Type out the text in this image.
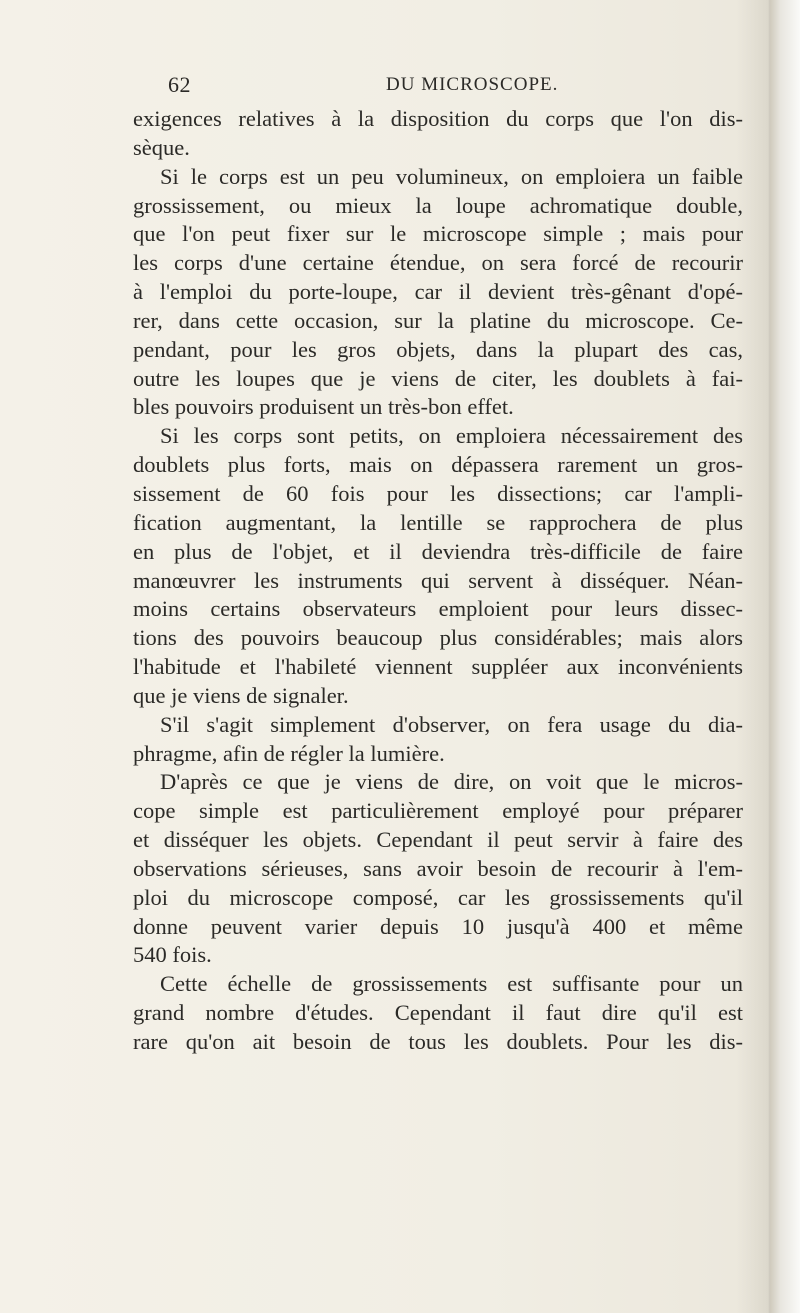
62	DU MICROSCOPE.
exigences relatives à la disposition du corps que l'on dis-
sèque.
Si le corps est un peu volumineux, on emploiera un faible
grossissement, ou mieux la loupe achromatique double,
que l'on peut fixer sur le microscope simple ; mais pour
les corps d'une certaine étendue, on sera forcé de recourir
à l'emploi du porte-loupe, car il devient très-gênant d'opé-
rer, dans cette occasion, sur la platine du microscope. Ce-
pendant, pour les gros objets, dans la plupart des cas,
outre les loupes que je viens de citer, les doublets à fai-
bles pouvoirs produisent un très-bon effet.
Si les corps sont petits, on emploiera nécessairement des
doublets plus forts, mais on dépassera rarement un gros-
sissement de 60 fois pour les dissections; car l'ampli-
fication augmentant, la lentille se rapprochera de plus
en plus de l'objet, et il deviendra très-difficile de faire
manœuvrer les instruments qui servent à disséquer. Néan-
moins certains observateurs emploient pour leurs dissec-
tions des pouvoirs beaucoup plus considérables; mais alors
l'habitude et l'habileté viennent suppléer aux inconvénients
que je viens de signaler.
S'il s'agit simplement d'observer, on fera usage du dia-
phragme, afin de régler la lumière.
D'après ce que je viens de dire, on voit que le micros-
cope simple est particulièrement employé pour préparer
et disséquer les objets. Cependant il peut servir à faire des
observations sérieuses, sans avoir besoin de recourir à l'em-
ploi du microscope composé, car les grossissements qu'il
donne peuvent varier depuis 10 jusqu'à 400 et même
540 fois.
Cette échelle de grossissements est suffisante pour un
grand nombre d'études. Cependant il faut dire qu'il est
rare qu'on ait besoin de tous les doublets. Pour les dis-
